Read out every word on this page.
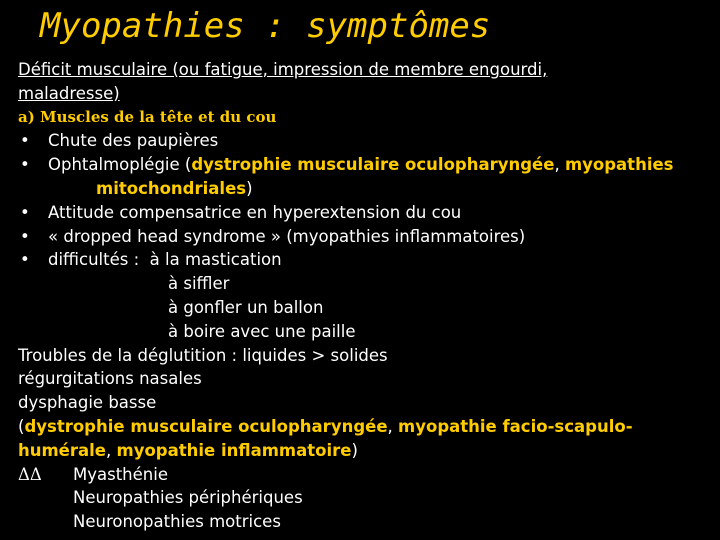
Myopathies : symptômes
Déficit musculaire (ou fatigue, impression de membre engourdi,
maladresse)
a) Muscles de la tête et du cou
• Chute des paupières
• Ophtalmoplégie (dystrophie musculaire oculopharyngée, myopathies
mitochondriales)
• Attitude compensatrice en hyperextension du cou
• « dropped head syndrome » (myopathies inflammatoires)
• difficultés : à la mastication
à siffler
à gonfler un ballon
à boire avec une paille
Troubles de la déglutition : liquides > solides
régurgitations nasales
dysphagie basse
(dystrophie musculaire oculopharyngée, myopathie facio-scapulo-
humérale, myopathie inflammatoire)
ΔΔ Myasthénie
Neuropathies périphériques
Neuronopathies motrices
